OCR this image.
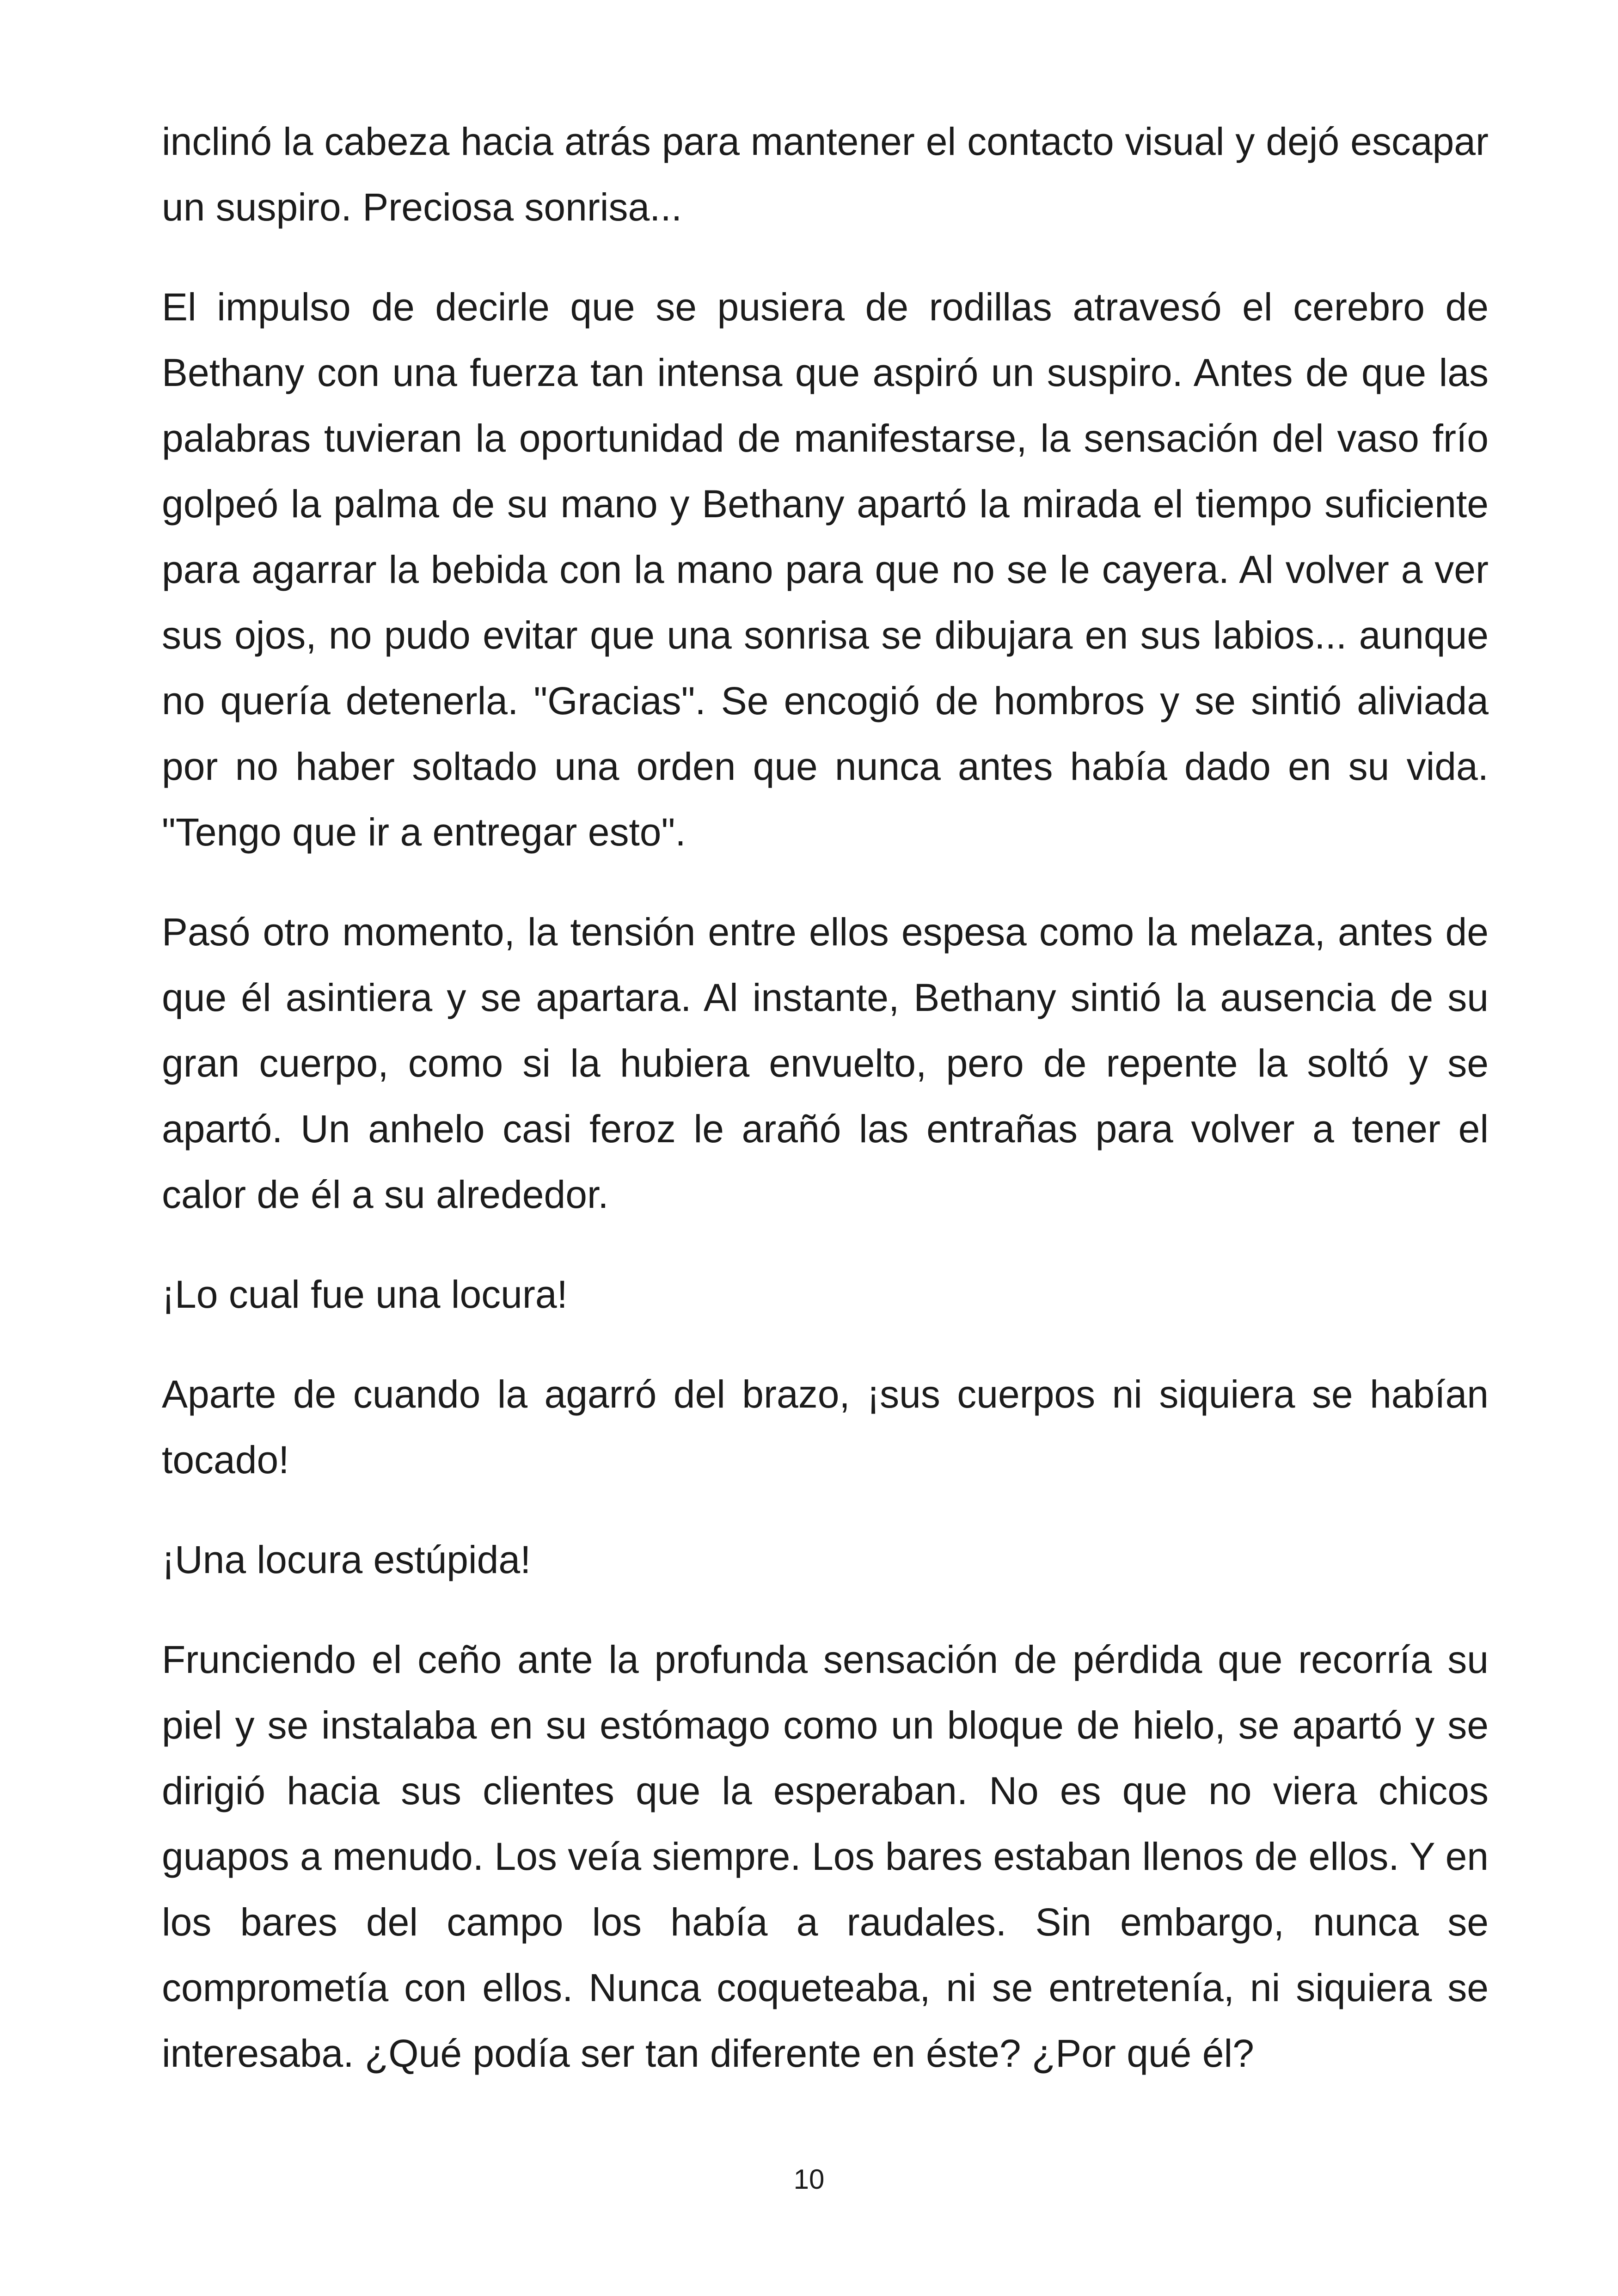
inclinó la cabeza hacia atrás para mantener el contacto visual y dejó escapar un suspiro. Preciosa sonrisa...

El impulso de decirle que se pusiera de rodillas atravesó el cerebro de Bethany con una fuerza tan intensa que aspiró un suspiro. Antes de que las palabras tuvieran la oportunidad de manifestarse, la sensación del vaso frío golpeó la palma de su mano y Bethany apartó la mirada el tiempo suficiente para agarrar la bebida con la mano para que no se le cayera. Al volver a ver sus ojos, no pudo evitar que una sonrisa se dibujara en sus labios... aunque no quería detenerla. "Gracias". Se encogió de hombros y se sintió aliviada por no haber soltado una orden que nunca antes había dado en su vida. "Tengo que ir a entregar esto".

Pasó otro momento, la tensión entre ellos espesa como la melaza, antes de que él asintiera y se apartara. Al instante, Bethany sintió la ausencia de su gran cuerpo, como si la hubiera envuelto, pero de repente la soltó y se apartó. Un anhelo casi feroz le arañó las entrañas para volver a tener el calor de él a su alrededor.

¡Lo cual fue una locura!

Aparte de cuando la agarró del brazo, ¡sus cuerpos ni siquiera se habían tocado!

¡Una locura estúpida!

Frunciendo el ceño ante la profunda sensación de pérdida que recorría su piel y se instalaba en su estómago como un bloque de hielo, se apartó y se dirigió hacia sus clientes que la esperaban. No es que no viera chicos guapos a menudo. Los veía siempre. Los bares estaban llenos de ellos. Y en los bares del campo los había a raudales. Sin embargo, nunca se comprometía con ellos. Nunca coqueteaba, ni se entretenía, ni siquiera se interesaba. ¿Qué podía ser tan diferente en éste? ¿Por qué él?

10
